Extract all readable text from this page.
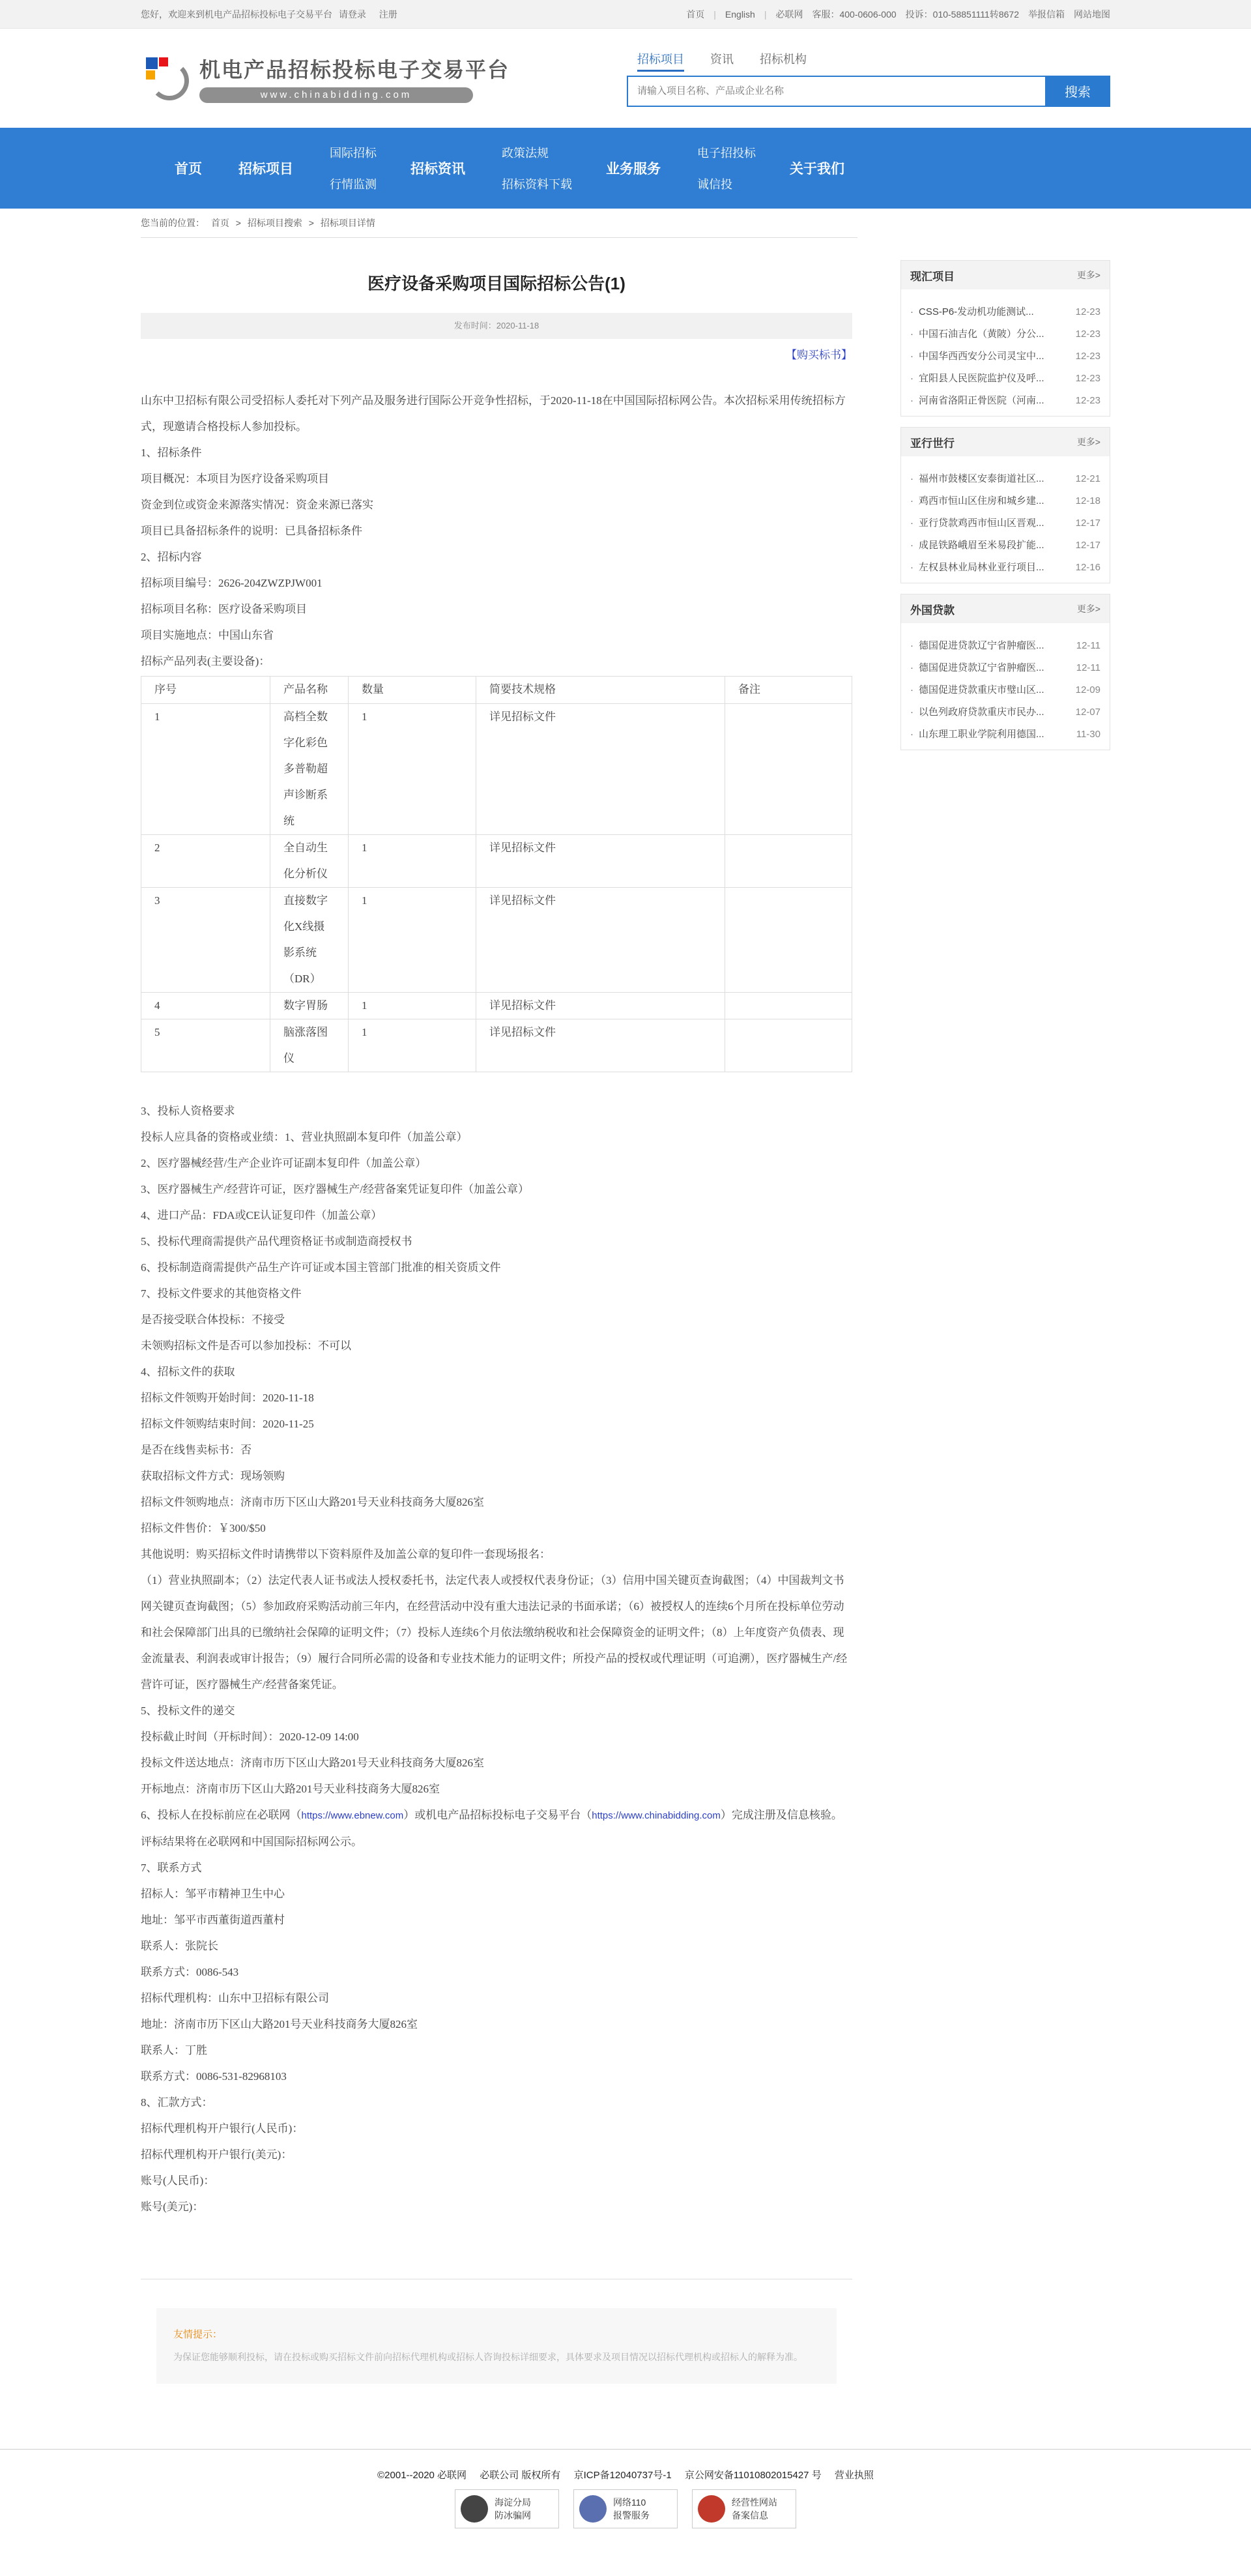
您好，欢迎来到机电产品招标投标电子交易平台 请登录 注册	首页 | English | 必联网 客服：400-0606-000 投诉：010-58851111转8672 举报信箱 网站地图
机电产品招标投标电子交易平台
www.chinabidding.com
招标项目 资讯 招标机构
请输入项目名称、产品或企业名称
搜索
首页	招标项目
国际招标
行情监测
招标资讯
政策法规
招标资料下载
业务服务
电子招投标
诚信投
关于我们
您当前的位置： 首页 > 招标项目搜索 > 招标项目详情
医疗设备采购项目国际招标公告(1)
发布时间：2020-11-18
【购买标书】

山东中卫招标有限公司受招标人委托对下列产品及服务进行国际公开竞争性招标，于2020-11-18在中国国际招标网公告。本次招标采用传统招标方式，现邀请合格投标人参加投标。

1、招标条件

项目概况：本项目为医疗设备采购项目

资金到位或资金来源落实情况：资金来源已落实

项目已具备招标条件的说明：已具备招标条件

2、招标内容

招标项目编号：2626-204ZWZPJW001

招标项目名称：医疗设备采购项目

项目实施地点：中国山东省

招标产品列表(主要设备)：

序号	产品名称	数量	简要技术规格	备注
1	高档全数字化彩色多普勒超声诊断系统	1	详见招标文件	
2	全自动生化分析仪	1	详见招标文件	
3	直接数字化X线摄影系统（DR）	1	详见招标文件	
4	数字胃肠	1	详见招标文件	
5	脑涨落图仪	1	详见招标文件	

3、投标人资格要求

投标人应具备的资格或业绩：1、营业执照副本复印件（加盖公章）

2、医疗器械经营/生产企业许可证副本复印件（加盖公章）

3、医疗器械生产/经营许可证，医疗器械生产/经营备案凭证复印件（加盖公章）

4、进口产品：FDA或CE认证复印件（加盖公章）

5、投标代理商需提供产品代理资格证书或制造商授权书

6、投标制造商需提供产品生产许可证或本国主管部门批准的相关资质文件

7、投标文件要求的其他资格文件

是否接受联合体投标：不接受

未领购招标文件是否可以参加投标：不可以

4、招标文件的获取

招标文件领购开始时间：2020-11-18

招标文件领购结束时间：2020-11-25

是否在线售卖标书：否

获取招标文件方式：现场领购

招标文件领购地点：济南市历下区山大路201号天业科技商务大厦826室

招标文件售价：￥300/$50

其他说明：购买招标文件时请携带以下资料原件及加盖公章的复印件一套现场报名：

（1）营业执照副本；（2）法定代表人证书或法人授权委托书，法定代表人或授权代表身份证；（3）信用中国关键页查询截图；（4）中国裁判文书网关键页查询截图；（5）参加政府采购活动前三年内，在经营活动中没有重大违法记录的书面承诺；（6）被授权人的连续6个月所在投标单位劳动和社会保障部门出具的已缴纳社会保障的证明文件；（7）投标人连续6个月依法缴纳税收和社会保障资金的证明文件；（8）上年度资产负债表、现金流量表、利润表或审计报告；（9）履行合同所必需的设备和专业技术能力的证明文件；所投产品的授权或代理证明（可追溯），医疗器械生产/经营许可证，医疗器械生产/经营备案凭证。

5、投标文件的递交

投标截止时间（开标时间）：2020-12-09 14:00

投标文件送达地点：济南市历下区山大路201号天业科技商务大厦826室

开标地点：济南市历下区山大路201号天业科技商务大厦826室

6、投标人在投标前应在必联网（https://www.ebnew.com）或机电产品招标投标电子交易平台（https://www.chinabidding.com）完成注册及信息核验。评标结果将在必联网和中国国际招标网公示。

7、联系方式

招标人：邹平市精神卫生中心

地址：邹平市西董街道西董村

联系人：张院长

联系方式：0086-543

招标代理机构：山东中卫招标有限公司

地址：济南市历下区山大路201号天业科技商务大厦826室

联系人：丁胜

联系方式：0086-531-82968103

8、汇款方式：

招标代理机构开户银行(人民币)：

招标代理机构开户银行(美元)：

账号(人民币)：

账号(美元)：

友情提示：
为保证您能够顺利投标，请在投标或购买招标文件前向招标代理机构或招标人咨询投标详细要求，具体要求及项目情况以招标代理机构或招标人的解释为准。
现汇项目	更多>
· CSS-P6-发动机功能测试...	12-23
· 中国石油吉化（黄陂）分公...	12-23
· 中国华西西安分公司灵宝中...	12-23
· 宜阳县人民医院监护仪及呼...	12-23
· 河南省洛阳正骨医院（河南...	12-23
亚行世行	更多>
· 福州市鼓楼区安泰街道社区...	12-21
· 鸡西市恒山区住房和城乡建...	12-18
· 亚行贷款鸡西市恒山区晋观...	12-17
· 成昆铁路峨眉至米易段扩能...	12-17
· 左权县林业局林业亚行项目...	12-16
外国贷款	更多>
· 德国促进贷款辽宁省肿瘤医...	12-11
· 德国促进贷款辽宁省肿瘤医...	12-11
· 德国促进贷款重庆市璧山区...	12-09
· 以色列政府贷款重庆市民办...	12-07
· 山东理工职业学院利用德国...	11-30
©2001--2020 必联网 必联公司 版权所有 京ICP备12040737号-1 京公网安备11010802015427 号 营业执照
海淀分局
防冰骗网
网络110
报警服务
经营性网站
备案信息
